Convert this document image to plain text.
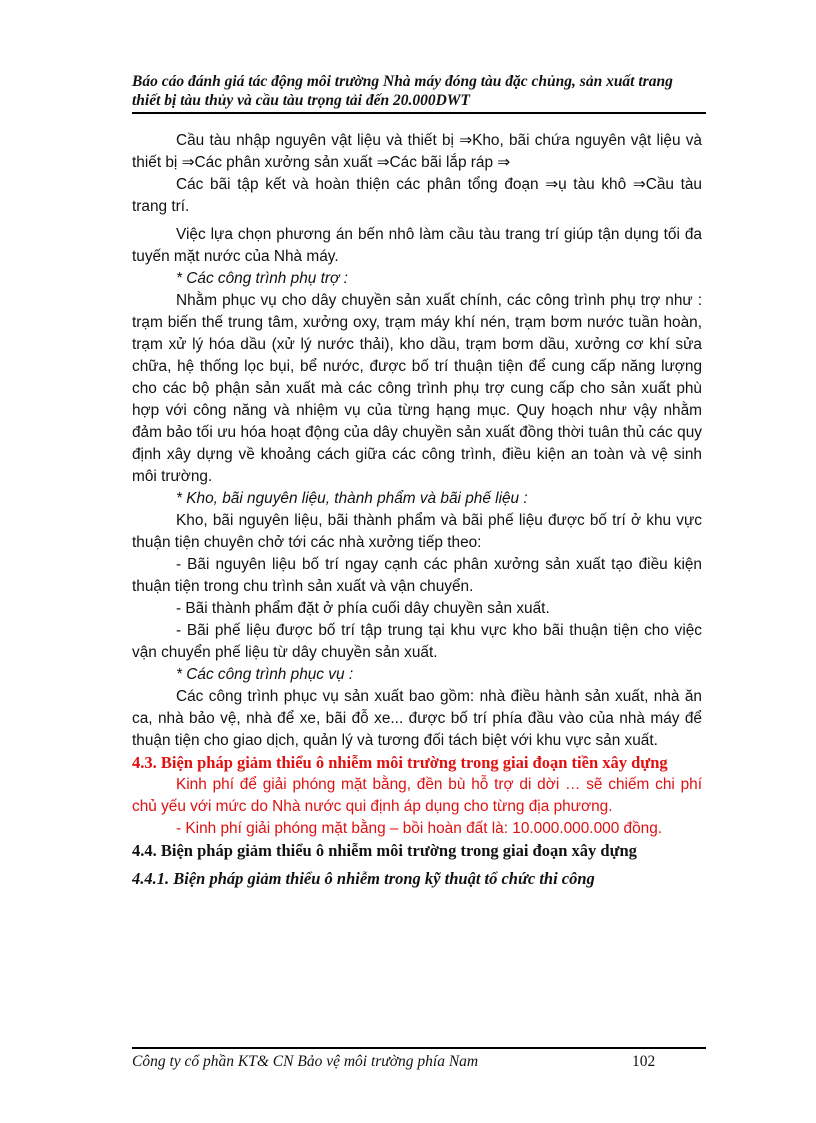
Báo cáo đánh giá tác động môi trường Nhà máy đóng tàu đặc chủng, sản xuất trang
thiết bị tàu thủy và cầu tàu trọng tải đến 20.000DWT

Cầu tàu nhập nguyên vật liệu và thiết bị ⇒Kho, bãi chứa nguyên vật liệu và thiết bị ⇒Các phân xưởng sản xuất ⇒Các bãi lắp ráp ⇒

Các bãi tập kết và hoàn thiện các phân tổng đoạn ⇒ụ tàu khô ⇒Cầu tàu trang trí.

Việc lựa chọn phương án bến nhô làm cầu tàu trang trí giúp tận dụng tối đa tuyến mặt nước của Nhà máy.

* Các công trình phụ trợ :

Nhằm phục vụ cho dây chuyền sản xuất chính, các công trình phụ trợ như : trạm biến thế trung tâm, xưởng oxy, trạm máy khí nén, trạm bơm nước tuần hoàn, trạm xử lý hóa dầu (xử lý nước thải), kho dầu, trạm bơm dầu, xưởng cơ khí sửa chữa, hệ thống lọc bụi, bể nước, được bố trí thuận tiện để cung cấp năng lượng cho các bộ phận sản xuất mà các công trình phụ trợ cung cấp cho sản xuất phù hợp với công năng và nhiệm vụ của từng hạng mục. Quy hoạch như vậy nhằm đảm bảo tối ưu hóa hoạt động của dây chuyền sản xuất đồng thời tuân thủ các quy định xây dựng về khoảng cách giữa các công trình, điều kiện an toàn và vệ sinh môi trường.

* Kho, bãi nguyên liệu, thành phẩm và bãi phế liệu :

Kho, bãi nguyên liệu, bãi thành phẩm và bãi phế liệu được bố trí ở khu vực thuận tiện chuyên chở tới các nhà xưởng tiếp theo:

- Bãi nguyên liệu bố trí ngay cạnh các phân xưởng sản xuất tạo điều kiện thuận tiện trong chu trình sản xuất và vận chuyển.

- Bãi thành phẩm đặt ở phía cuối dây chuyền sản xuất.

- Bãi phế liệu được bố trí tập trung tại khu vực kho bãi thuận tiện cho việc vận chuyển phế liệu từ dây chuyền sản xuất.

* Các công trình phục vụ :

Các công trình phục vụ sản xuất bao gồm: nhà điều hành sản xuất, nhà ăn ca, nhà bảo vệ, nhà để xe, bãi đỗ xe... được bố trí phía đầu vào của nhà máy để thuận tiện cho giao dịch, quản lý và tương đối tách biệt với khu vực sản xuất.

4.3. Biện pháp giảm thiểu ô nhiễm môi trường trong giai đoạn tiền xây dựng

Kinh phí để giải phóng mặt bằng, đền bù hỗ trợ di dời … sẽ chiếm chi phí chủ yếu với mức do Nhà nước qui định áp dụng cho từng địa phương.

- Kinh phí giải phóng mặt bằng – bồi hoàn đất là: 10.000.000.000 đồng.

4.4. Biện pháp giảm thiểu ô nhiễm môi trường trong giai đoạn xây dựng

4.4.1. Biện pháp giảm thiểu ô nhiễm trong kỹ thuật tổ chức thi công

Công ty cổ phần KT& CN Bảo vệ môi trường phía Nam	102
